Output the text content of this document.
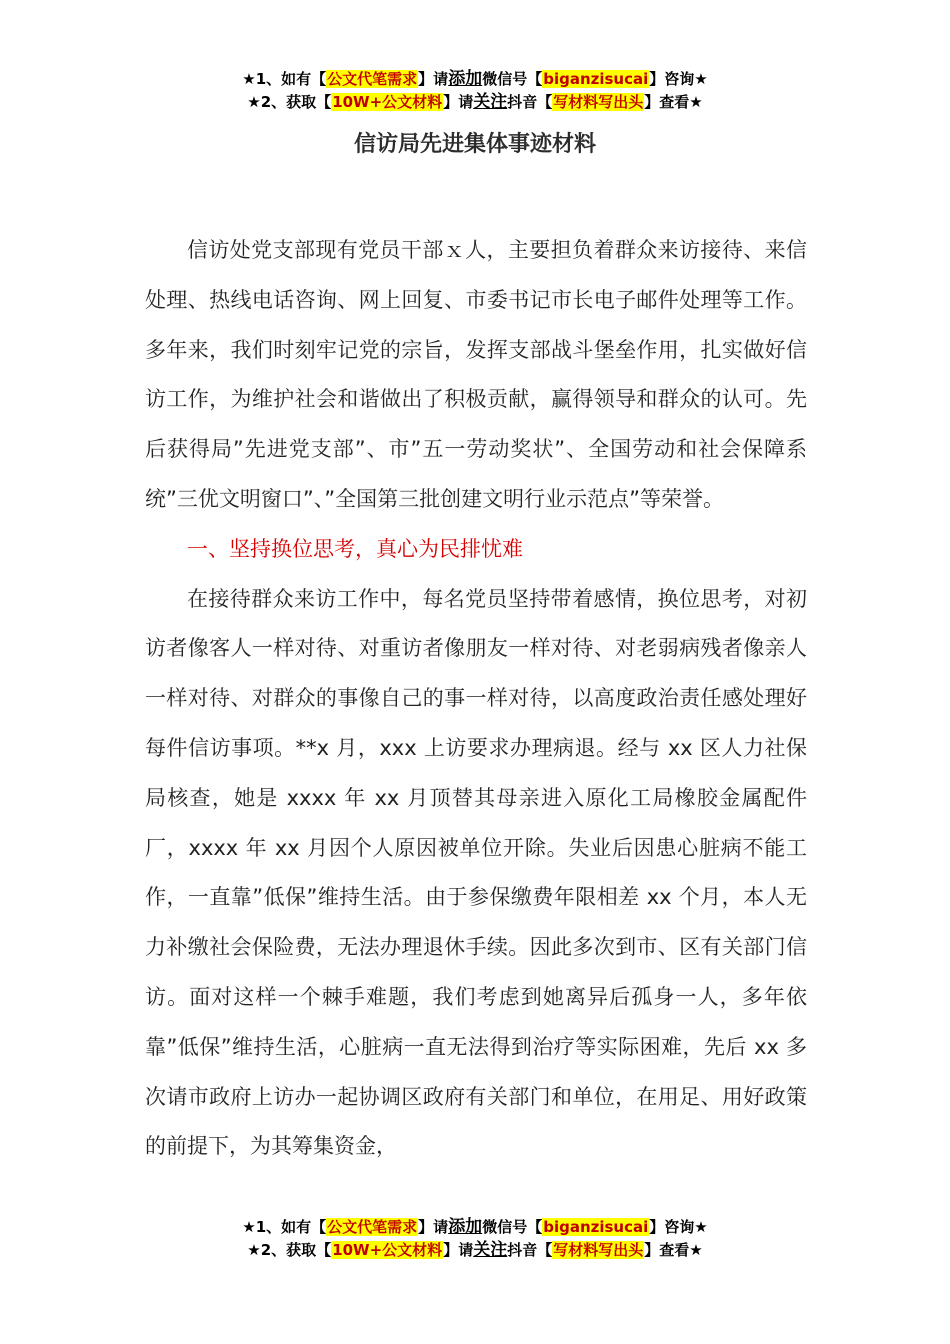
★1、如有【公文代笔需求】请添加微信号【biganzisucai】咨询★
★2、获取【10W+公文材料】请关注抖音【写材料写出头】查看★
信访局先进集体事迹材料

信访处党支部现有党员干部ｘ人，主要担负着群众来访接待、来信处理、热线电话咨询、网上回复、市委书记市长电子邮件处理等工作。多年来，我们时刻牢记党的宗旨，发挥支部战斗堡垒作用，扎实做好信访工作，为维护社会和谐做出了积极贡献，赢得领导和群众的认可。先后获得局”先进党支部”、市”五一劳动奖状”、全国劳动和社会保障系统”三优文明窗口”、”全国第三批创建文明行业示范点”等荣誉。

一、坚持换位思考，真心为民排忧难

在接待群众来访工作中，每名党员坚持带着感情，换位思考，对初访者像客人一样对待、对重访者像朋友一样对待、对老弱病残者像亲人一样对待、对群众的事像自己的事一样对待，以高度政治责任感处理好每件信访事项。**x 月，xxx 上访要求办理病退。经与 xx 区人力社保局核查，她是 xxxx 年 xx 月顶替其母亲进入原化工局橡胶金属配件厂，xxxx 年 xx 月因个人原因被单位开除。失业后因患心脏病不能工作，一直靠”低保”维持生活。由于参保缴费年限相差 xx 个月，本人无力补缴社会保险费，无法办理退休手续。因此多次到市、区有关部门信访。面对这样一个棘手难题，我们考虑到她离异后孤身一人，多年依靠”低保”维持生活，心脏病一直无法得到治疗等实际困难，先后 xx 多次请市政府上访办一起协调区政府有关部门和单位，在用足、用好政策的前提下，为其筹集资金，

★1、如有【公文代笔需求】请添加微信号【biganzisucai】咨询★
★2、获取【10W+公文材料】请关注抖音【写材料写出头】查看★
